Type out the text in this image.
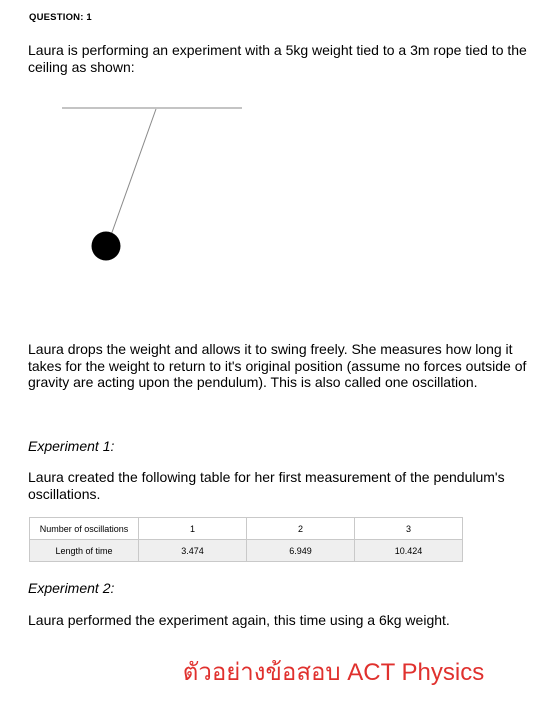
QUESTION: 1
Laura is performing an experiment with a 5kg weight tied to a 3m rope tied to the ceiling as shown:
Laura drops the weight and allows it to swing freely. She measures how long it takes for the weight to return to it's original position (assume no forces outside of gravity are acting upon the pendulum). This is also called one oscillation.
Experiment 1:
Laura created the following table for her first measurement of the pendulum's oscillations.
Number of oscillations	1	2	3
Length of time	3.474	6.949	10.424
Experiment 2:
Laura performed the experiment again, this time using a 6kg weight.
ตัวอย่างข้อสอบ ACT Physics
